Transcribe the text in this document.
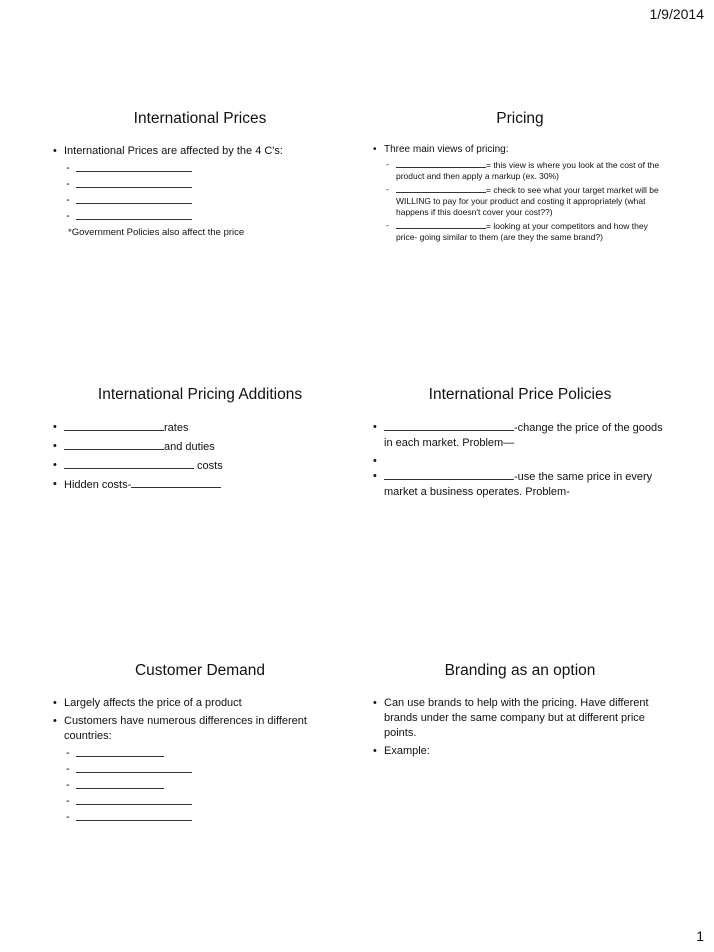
1/9/2014
International Prices
• International Prices are affected by the 4 C's:
-
-
-
-
*Government Policies also affect the price
Pricing
• Three main views of pricing:
- = this view is where you look at the cost of the product and then apply a markup (ex. 30%)
- = check to see what your target market will be WILLING to pay for your product and costing it appropriately (what happens if this doesn't cover your cost??)
- = looking at your competitors and how they price- going similar to them (are they the same brand?)
International Pricing Additions
• rates
• and duties
•  costs
• Hidden costs-
International Price Policies
• -change the price of the goods in each market. Problem—
•
• -use the same price in every market a business operates. Problem-
Customer Demand
• Largely affects the price of a product
• Customers have numerous differences in different countries:
-
-
-
-
-
Branding as an option
• Can use brands to help with the pricing. Have different brands under the same company but at different price points.
• Example:
1
